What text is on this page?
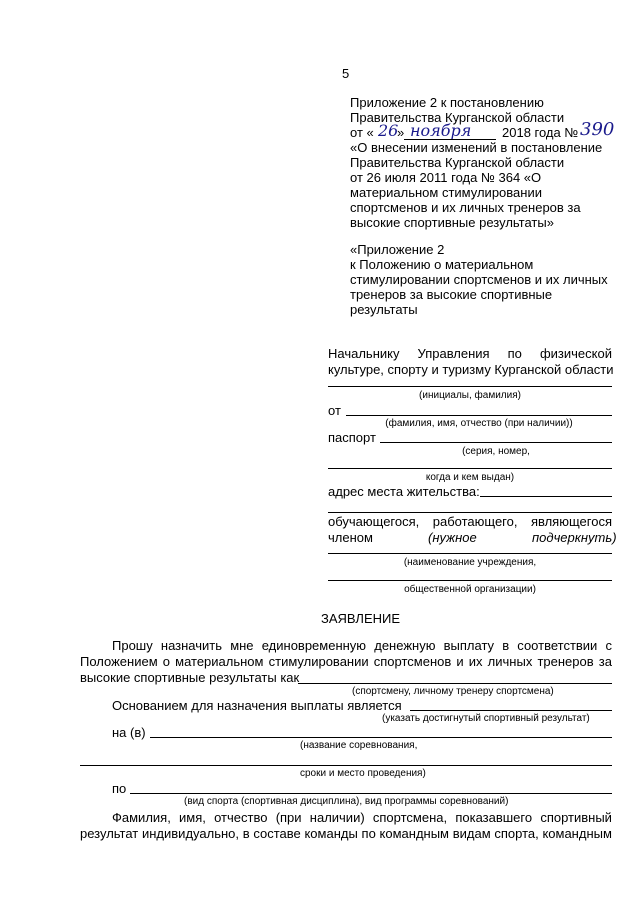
5
Приложение 2 к постановлению
Правительства Курганской области
от « 26
» ноября 2018 года № 390
«О внесении изменений в постановление
Правительства Курганской области
от 26 июля 2011 года № 364 «О
материальном стимулировании
спортсменов и их личных тренеров за
высокие спортивные результаты»
«Приложение 2
к Положению о материальном
стимулировании спортсменов и их личных
тренеров за высокие спортивные
результаты
Начальнику Управления по физической
культуре, спорту и туризму Курганской области
(инициалы, фамилия)
от
(фамилия, имя, отчество (при наличии))
паспорт
(серия, номер,
когда и кем выдан)
адрес места жительства:
обучающегося, работающего, являющегося
членом	(нужное	подчеркнуть)
(наименование учреждения,
общественной организации)
ЗАЯВЛЕНИЕ
Прошу назначить мне единовременную денежную выплату в соответствии с
Положением о материальном стимулировании спортсменов и их личных тренеров за
высокие спортивные результаты как
(спортсмену, личному тренеру спортсмена)
Основанием для назначения выплаты является
(указать достигнутый спортивный результат)
на (в)
(название соревнования,
сроки и место проведения)
по
(вид спорта (спортивная дисциплина), вид программы соревнований)
Фамилия, имя, отчество (при наличии) спортсмена, показавшего спортивный
результат индивидуально, в составе команды по командным видам спорта, командным
